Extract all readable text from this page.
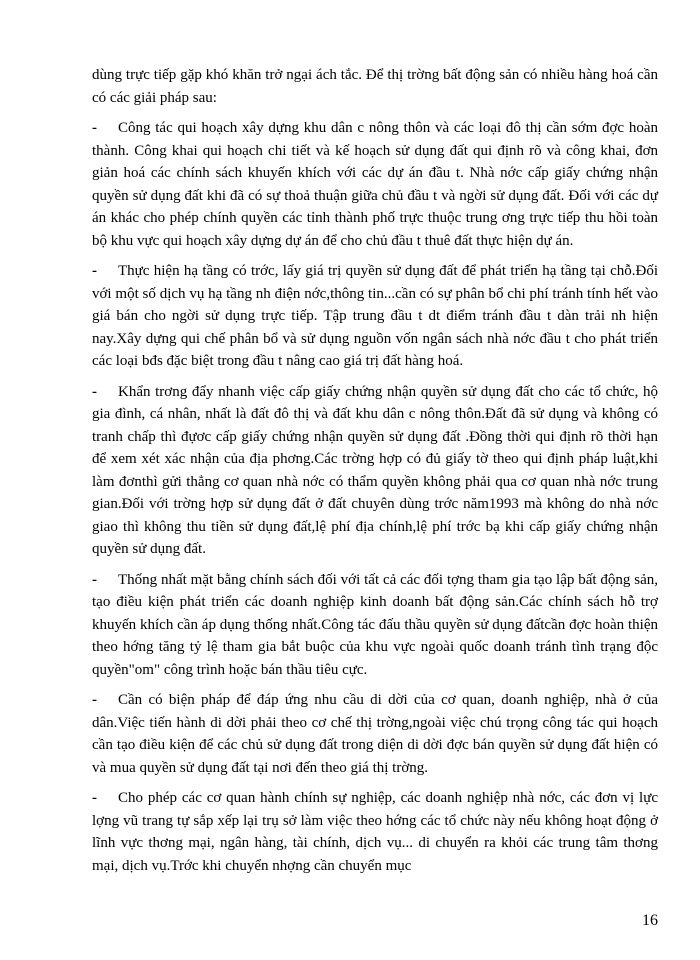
dùng trực tiếp gặp khó khăn trở ngại ách tắc. Để thị trờng bất động sản có nhiều hàng hoá cần có các giải pháp sau:

- Công tác qui hoạch xây dựng khu dân c nông thôn và các loại đô thị cần sớm đợc hoàn thành. Công khai qui hoạch chi tiết và kế hoạch sử dụng đất qui định rõ và công khai, đơn giản hoá các chính sách khuyến khích với các dự án đầu t. Nhà nớc cấp giấy chứng nhận quyền sử dụng đất khi đã có sự thoả thuận giữa chủ đầu t và ngời sử dụng đất. Đối với các dự án khác cho phép chính quyền các tỉnh thành phố trực thuộc trung ơng trực tiếp thu hồi toàn bộ khu vực qui hoạch xây dựng dự án để cho chủ đầu t thuê đất thực hiện dự án.

- Thực hiện hạ tầng có trớc, lấy giá trị quyền sử dụng đất để phát triển hạ tầng tại chỗ.Đối với một số dịch vụ hạ tầng nh điện nớc,thông tin...cần có sự phân bổ chi phí tránh tính hết vào giá bán cho ngời sử dụng trực tiếp. Tập trung đầu t dt điểm tránh đầu t dàn trải nh hiện nay.Xây dựng qui chế phân bổ và sử dụng nguồn vốn ngân sách nhà nớc đầu t cho phát triển các loại bđs đặc biệt trong đầu t nâng cao giá trị đất hàng hoá.

- Khẩn trơng đẩy nhanh việc cấp giấy chứng nhận quyền sử dụng đất cho các tổ chức, hộ gia đình, cá nhân, nhất là đất đô thị và đất khu dân c nông thôn.Đất đã sử dụng và không có tranh chấp thì đựơc cấp giấy chứng nhận quyền sử dụng đất .Đồng thời qui định rõ thời hạn để xem xét xác nhận của địa phơng.Các trờng hợp có đủ giấy tờ theo qui định pháp luật,khi làm đơnthì gửi thẳng cơ quan nhà nớc có thẩm quyền không phải qua cơ quan nhà nớc trung gian.Đối với trờng hợp sử dụng đất ở đất chuyên dùng trớc năm1993 mà không do nhà nớc giao thì không thu tiền sử dụng đất,lệ phí địa chính,lệ phí trớc bạ khi cấp giấy chứng nhận quyền sử dụng đất.

- Thống nhất mặt bằng chính sách đối với tất cả các đối tợng tham gia tạo lập bất động sản, tạo điều kiện phát triển các doanh nghiệp kinh doanh bất động sản.Các chính sách hỗ trợ khuyến khích cần áp dụng thống nhất.Công tác đấu thầu quyền sử dụng đấtcần đợc hoàn thiện theo hớng tăng tỷ lệ tham gia bắt buộc của khu vực ngoài quốc doanh tránh tình trạng độc quyền"om" công trình hoặc bán thầu tiêu cực.

- Cần có biện pháp để đáp ứng nhu cầu di dời của cơ quan, doanh nghiệp, nhà ở của dân.Việc tiến hành di dời phải theo cơ chế thị trờng,ngoài việc chú trọng công tác qui hoạch cần tạo điều kiện để các chủ sử dụng đất trong diện di dời đợc bán quyền sử dụng đất hiện có và mua quyền sử dụng đất tại nơi đến theo giá thị trờng.

- Cho phép các cơ quan hành chính sự nghiệp, các doanh nghiệp nhà nớc, các đơn vị lực lợng vũ trang tự sắp xếp lại trụ sở làm việc theo hớng các tổ chức này nếu không hoạt động ở lĩnh vực thơng mại, ngân hàng, tài chính, dịch vụ... di chuyển ra khỏi các trung tâm thơng mại, dịch vụ.Trớc khi chuyển nhợng cần chuyển mục

16
